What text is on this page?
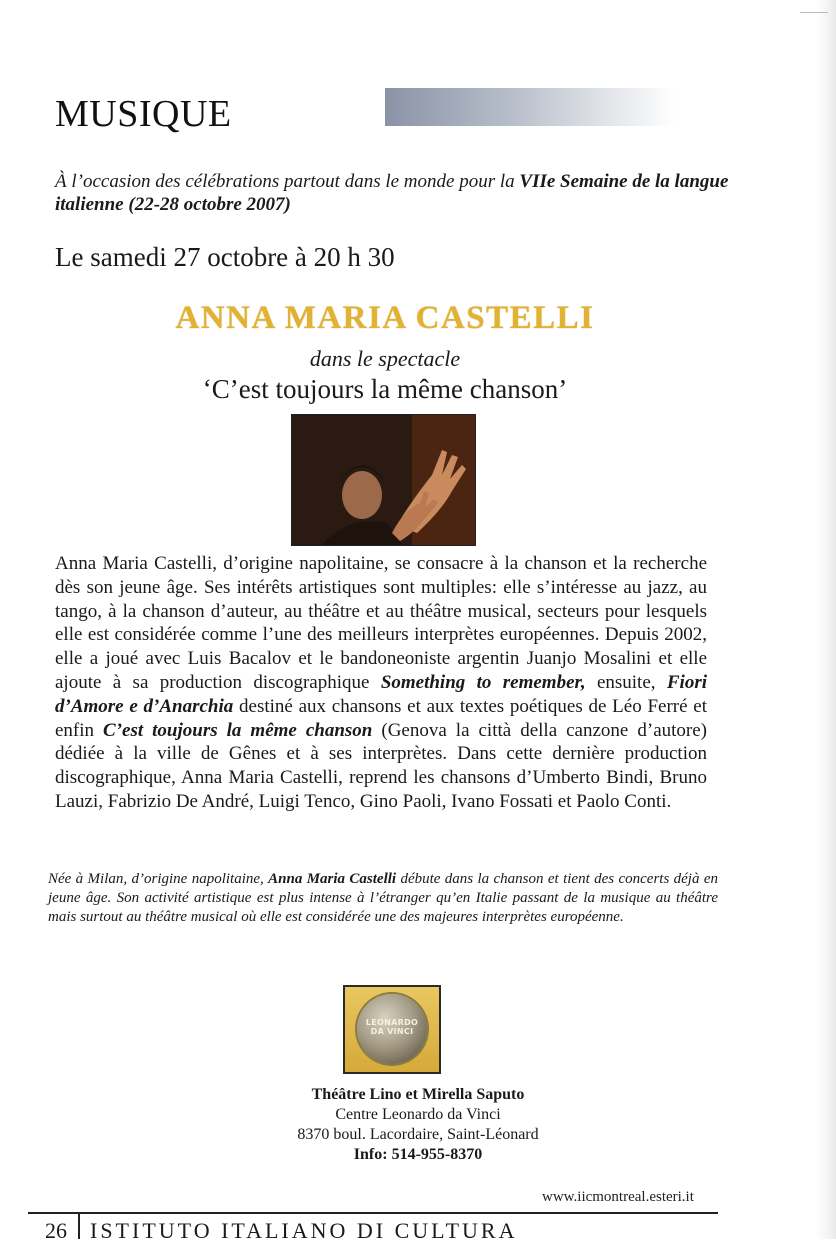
MUSIQUE
À l’occasion des célébrations partout dans le monde pour la VIIe Semaine de la langue italienne (22-28 octobre 2007)
Le samedi 27 octobre à 20 h 30
ANNA MARIA CASTELLI
dans le spectacle
‘C’est toujours la même chanson’
Anna Maria Castelli, d’origine napolitaine, se consacre à la chanson et la recherche dès son jeune âge. Ses intérêts artistiques sont multiples: elle s’intéresse au jazz, au tango, à la chanson d’auteur, au théâtre et au théâtre musical, secteurs pour lesquels elle est considérée comme l’une des meilleurs interprètes européennes. Depuis 2002, elle a joué avec Luis Bacalov et le bandoneoniste argentin Juanjo Mosalini et elle ajoute à sa production discographique Something to remember, ensuite, Fiori d’Amore e d’Anarchia destiné aux chansons et aux textes poétiques de Léo Ferré et enfin C’est toujours la même chanson (Genova la città della canzone d’autore) dédiée à la ville de Gênes et à ses interprètes. Dans cette dernière production discographique, Anna Maria Castelli, reprend les chansons d’Umberto Bindi, Bruno Lauzi, Fabrizio De André, Luigi Tenco, Gino Paoli, Ivano Fossati et Paolo Conti.
Née à Milan, d’origine napolitaine, Anna Maria Castelli débute dans la chanson et tient des concerts déjà en jeune âge. Son activité artistique est plus intense à l’étranger qu’en Italie passant de la musique au théâtre mais surtout au théâtre musical où elle est considérée une des majeures interprètes européenne.
LEONARDO
DA VINCI
Théâtre Lino et Mirella Saputo
Centre Leonardo da Vinci
8370 boul. Lacordaire, Saint-Léonard
Info: 514-955-8370
www.iicmontreal.esteri.it
26 ISTITUTO ITALIANO DI CULTURA
